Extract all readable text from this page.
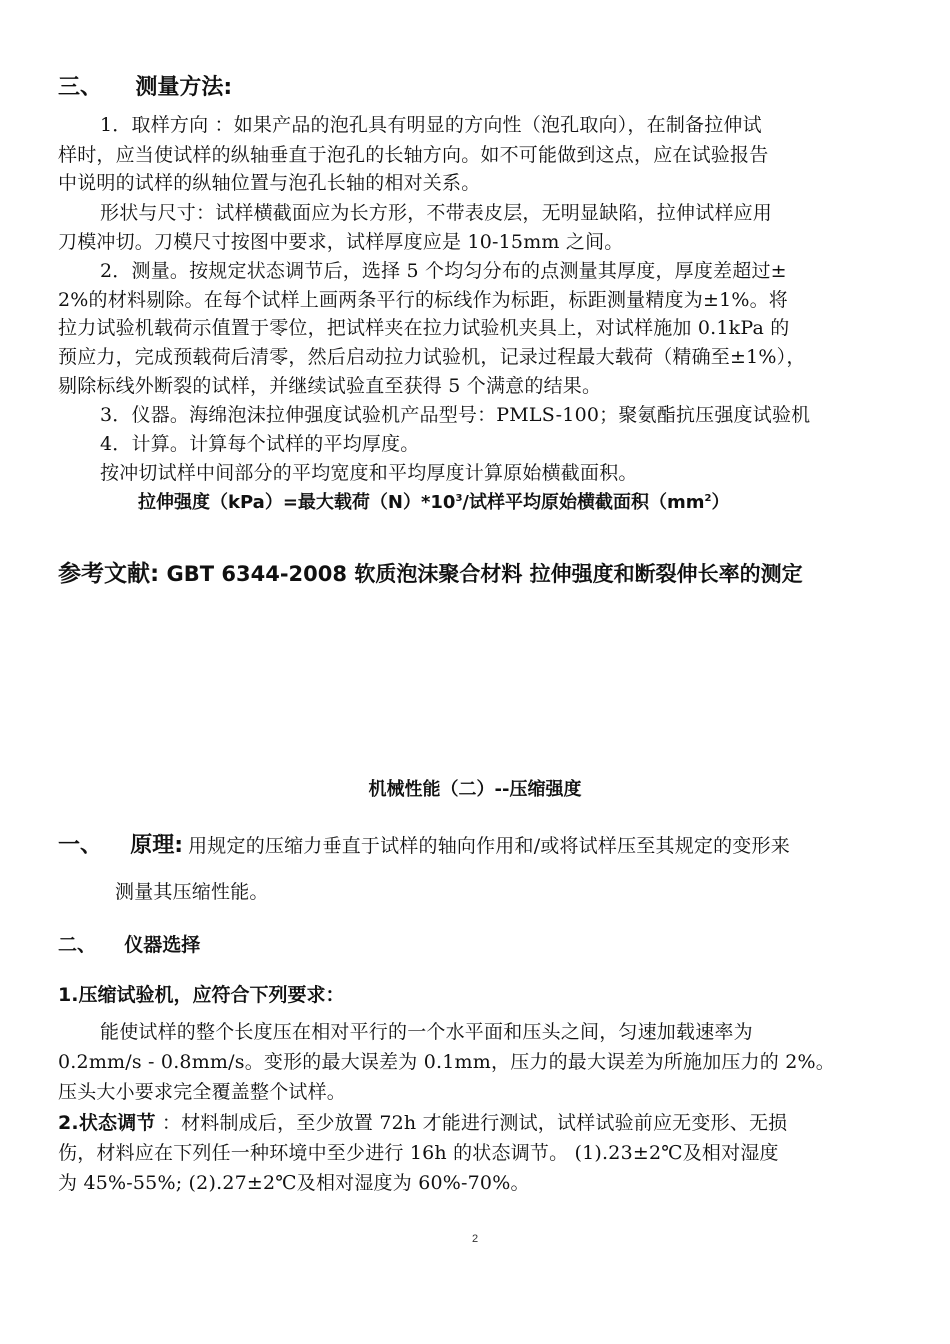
三、 测量方法:
1．取样方向 ：如果产品的泡孔具有明显的方向性（泡孔取向），在制备拉伸试
样时，应当使试样的纵轴垂直于泡孔的长轴方向。如不可能做到这点，应在试验报告
中说明的试样的纵轴位置与泡孔长轴的相对关系。
形状与尺寸：试样横截面应为长方形，不带表皮层，无明显缺陷，拉伸试样应用
刀模冲切。刀模尺寸按图中要求，试样厚度应是 10-15mm 之间。
2．测量。按规定状态调节后，选择 5 个均匀分布的点测量其厚度，厚度差超过±
2%的材料剔除。在每个试样上画两条平行的标线作为标距，标距测量精度为±1%。将
拉力试验机载荷示值置于零位，把试样夹在拉力试验机夹具上，对试样施加 0.1kPa 的
预应力，完成预载荷后清零，然后启动拉力试验机，记录过程最大载荷（精确至±1%），
剔除标线外断裂的试样，并继续试验直至获得 5 个满意的结果。
3．仪器。海绵泡沫拉伸强度试验机产品型号：PMLS-100；聚氨酯抗压强度试验机
4．计算。计算每个试样的平均厚度。
按冲切试样中间部分的平均宽度和平均厚度计算原始横截面积。
拉伸强度（kPa）=最大载荷$(N)*10^3/$试样平均原始横截面积$(mm^2)$
参考文献: GBT 6344-2008 软质泡沫聚合材料 拉伸强度和断裂伸长率的测定
机械性能（二）--压缩强度
一、 原理: 用规定的压缩力垂直于试样的轴向作用和/或将试样压至其规定的变形来
测量其压缩性能。
二、 仪器选择
1.压缩试验机，应符合下列要求：
能使试样的整个长度压在相对平行的一个水平面和压头之间，匀速加载速率为
0.2mm/s - 0.8mm/s。变形的最大误差为 0.1mm，压力的最大误差为所施加压力的 2%。
压头大小要求完全覆盖整个试样。
2.状态调节 ：材料制成后，至少放置 72h 才能进行测试，试样试验前应无变形、无损
伤，材料应在下列任一种环境中至少进行 16h 的状态调节。 (1).23±2℃及相对湿度
为 45%-55%; (2).27±2℃及相对湿度为 60%-70%。
2
